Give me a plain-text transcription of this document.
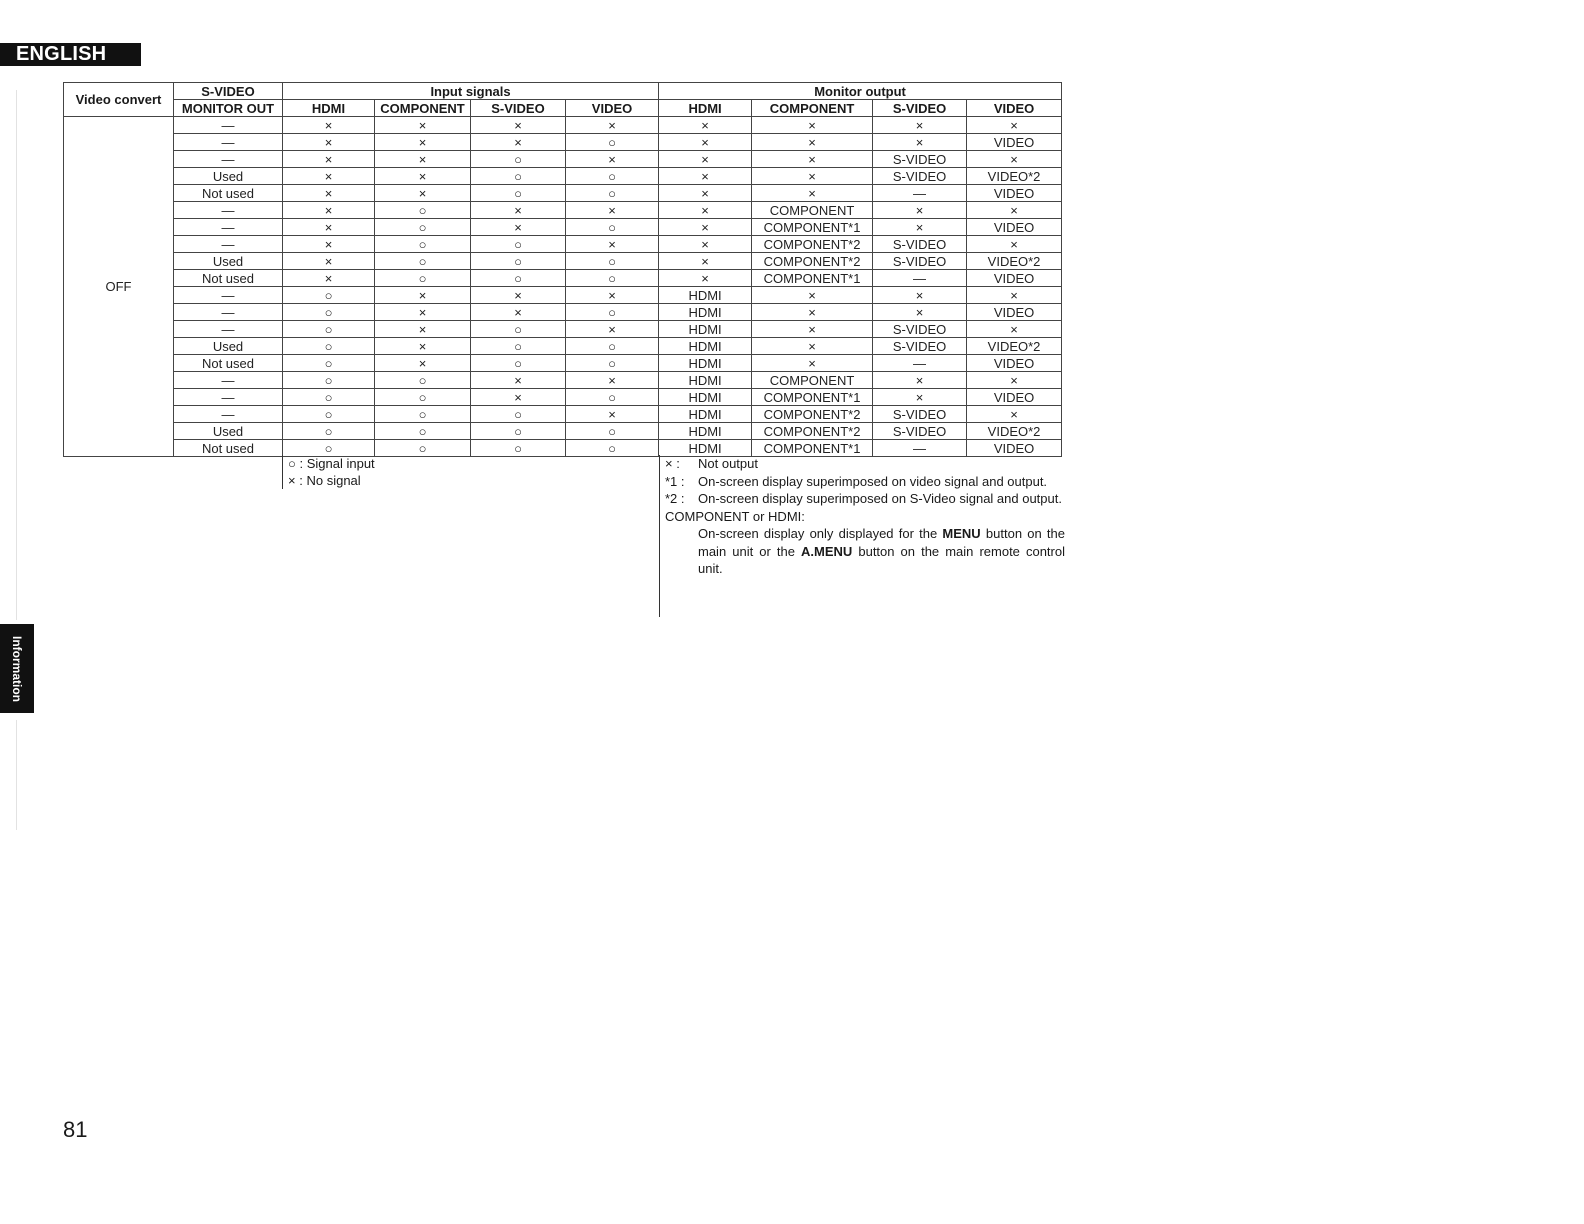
ENGLISH
Information
Video convert	S-VIDEO	Input signals				Monitor output			
	MONITOR OUT	HDMI	COMPONENT	S-VIDEO	VIDEO	HDMI	COMPONENT	S-VIDEO	VIDEO
OFF	—	×	×	×	×	×	×	×	×
	—	×	×	×	○	×	×	×	VIDEO
	—	×	×	○	×	×	×	S-VIDEO	×
	Used	×	×	○	○	×	×	S-VIDEO	VIDEO*2
	Not used	×	×	○	○	×	×	—	VIDEO
	—	×	○	×	×	×	COMPONENT	×	×
	—	×	○	×	○	×	COMPONENT*1	×	VIDEO
	—	×	○	○	×	×	COMPONENT*2	S-VIDEO	×
	Used	×	○	○	○	×	COMPONENT*2	S-VIDEO	VIDEO*2
	Not used	×	○	○	○	×	COMPONENT*1	—	VIDEO
	—	○	×	×	×	HDMI	×	×	×
	—	○	×	×	○	HDMI	×	×	VIDEO
	—	○	×	○	×	HDMI	×	S-VIDEO	×
	Used	○	×	○	○	HDMI	×	S-VIDEO	VIDEO*2
	Not used	○	×	○	○	HDMI	×	—	VIDEO
	—	○	○	×	×	HDMI	COMPONENT	×	×
	—	○	○	×	○	HDMI	COMPONENT*1	×	VIDEO
	—	○	○	○	×	HDMI	COMPONENT*2	S-VIDEO	×
	Used	○	○	○	○	HDMI	COMPONENT*2	S-VIDEO	VIDEO*2
	Not used	○	○	○	○	HDMI	COMPONENT*1	—	VIDEO
○ : Signal input
× : No signal
× :	Not output
*1 :	On-screen display superimposed on video signal and output.
*2 :	On-screen display superimposed on S-Video signal and output.
COMPONENT or HDMI:
On-screen display only displayed for the MENU button on the main unit or the A.MENU button on the main remote control unit.
81
